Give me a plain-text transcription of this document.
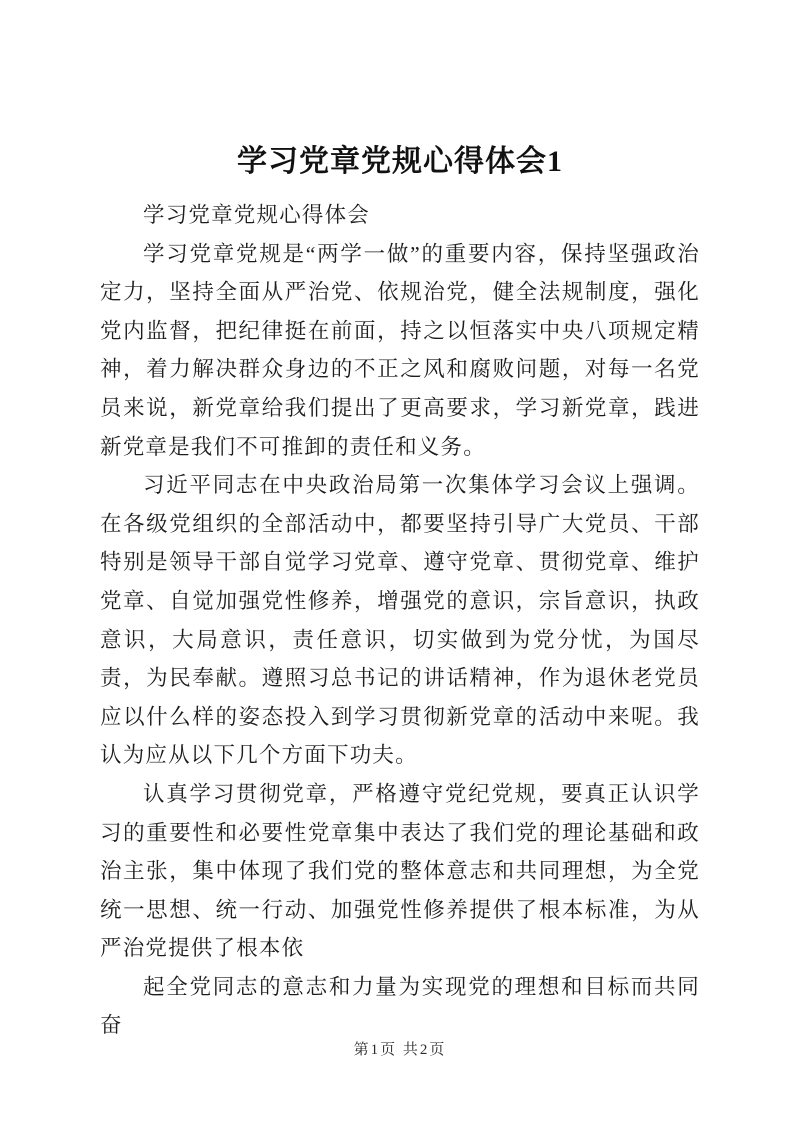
学习党章党规心得体会1

学习党章党规心得体会

学习党章党规是“两学一做”的重要内容，保持坚强政治定力，坚持全面从严治党、依规治党，健全法规制度，强化党内监督，把纪律挺在前面，持之以恒落实中央八项规定精神，着力解决群众身边的不正之风和腐败问题，对每一名党员来说，新党章给我们提出了更高要求，学习新党章，践进新党章是我们不可推卸的责任和义务。

习近平同志在中央政治局第一次集体学习会议上强调。在各级党组织的全部活动中，都要坚持引导广大党员、干部特别是领导干部自觉学习党章、遵守党章、贯彻党章、维护党章、自觉加强党性修养，增强党的意识，宗旨意识，执政意识，大局意识，责任意识，切实做到为党分忧，为国尽责，为民奉献。遵照习总书记的讲话精神，作为退休老党员应以什么样的姿态投入到学习贯彻新党章的活动中来呢。我认为应从以下几个方面下功夫。

认真学习贯彻党章，严格遵守党纪党规，要真正认识学习的重要性和必要性党章集中表达了我们党的理论基础和政治主张，集中体现了我们党的整体意志和共同理想，为全党统一思想、统一行动、加强党性修养提供了根本标准，为从严治党提供了根本依

起全党同志的意志和力量为实现党的理想和目标而共同奋

第1页 共2页
